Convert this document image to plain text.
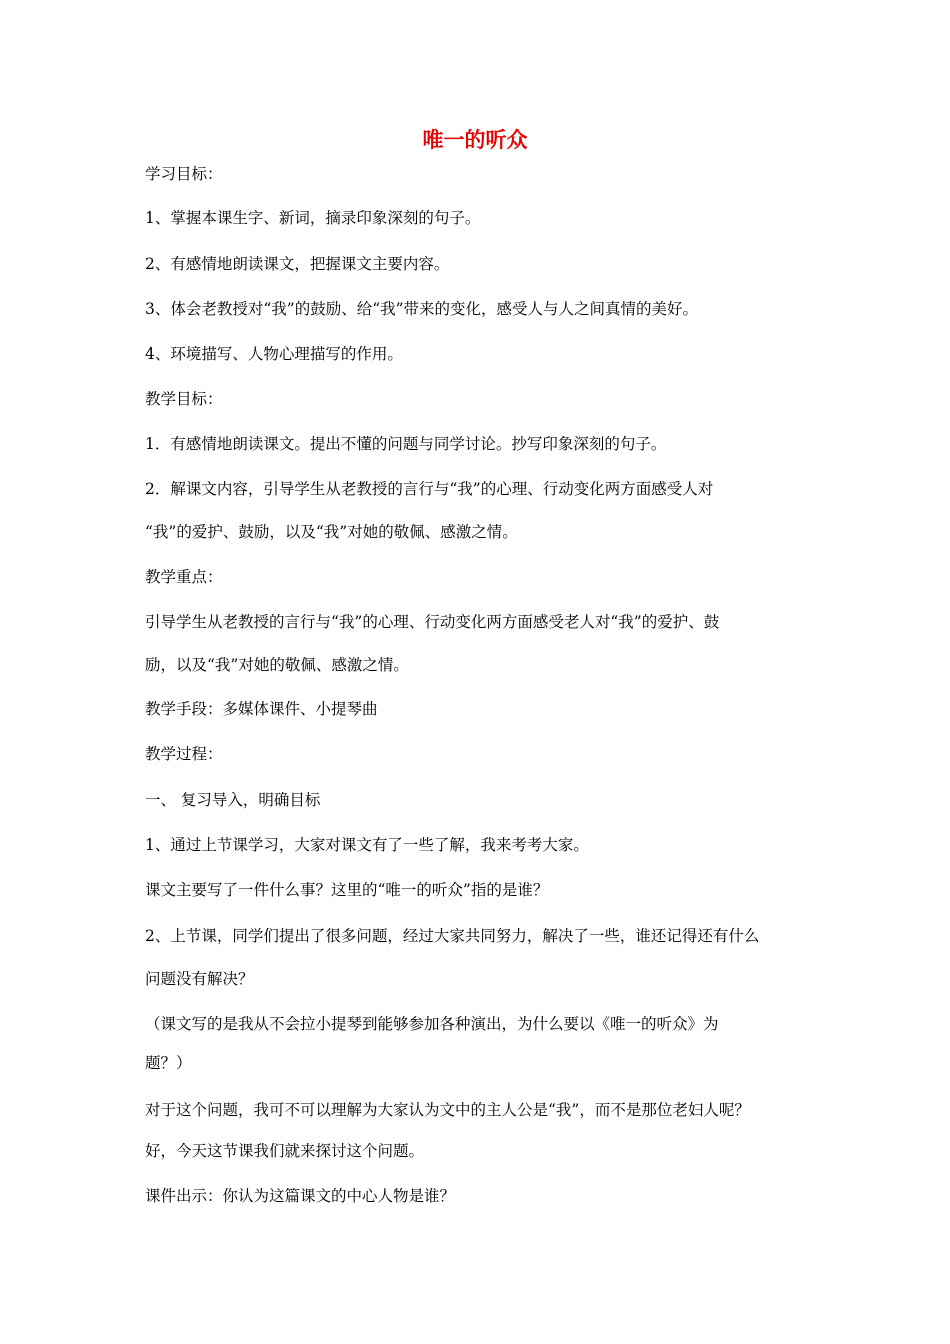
唯一的听众
学习目标：
1、掌握本课生字、新词，摘录印象深刻的句子。
2、有感情地朗读课文，把握课文主要内容。
3、体会老教授对“我”的鼓励、给“我”带来的变化，感受人与人之间真情的美好。
4、环境描写、人物心理描写的作用。
教学目标：
1．有感情地朗读课文。提出不懂的问题与同学讨论。抄写印象深刻的句子。
2．解课文内容，引导学生从老教授的言行与“我”的心理、行动变化两方面感受人对
“我”的爱护、鼓励，以及“我”对她的敬佩、感激之情。
教学重点：
引导学生从老教授的言行与“我”的心理、行动变化两方面感受老人对“我”的爱护、鼓
励，以及“我”对她的敬佩、感激之情。
教学手段：多媒体课件、小提琴曲
教学过程：
一、 复习导入，明确目标
1、通过上节课学习，大家对课文有了一些了解，我来考考大家。
课文主要写了一件什么事？这里的“唯一的听众”指的是谁？
2、上节课，同学们提出了很多问题，经过大家共同努力，解决了一些，谁还记得还有什么
问题没有解决？
（课文写的是我从不会拉小提琴到能够参加各种演出，为什么要以《唯一的听众》为
题？）
对于这个问题，我可不可以理解为大家认为文中的主人公是“我”，而不是那位老妇人呢？
好，今天这节课我们就来探讨这个问题。
课件出示：你认为这篇课文的中心人物是谁？
